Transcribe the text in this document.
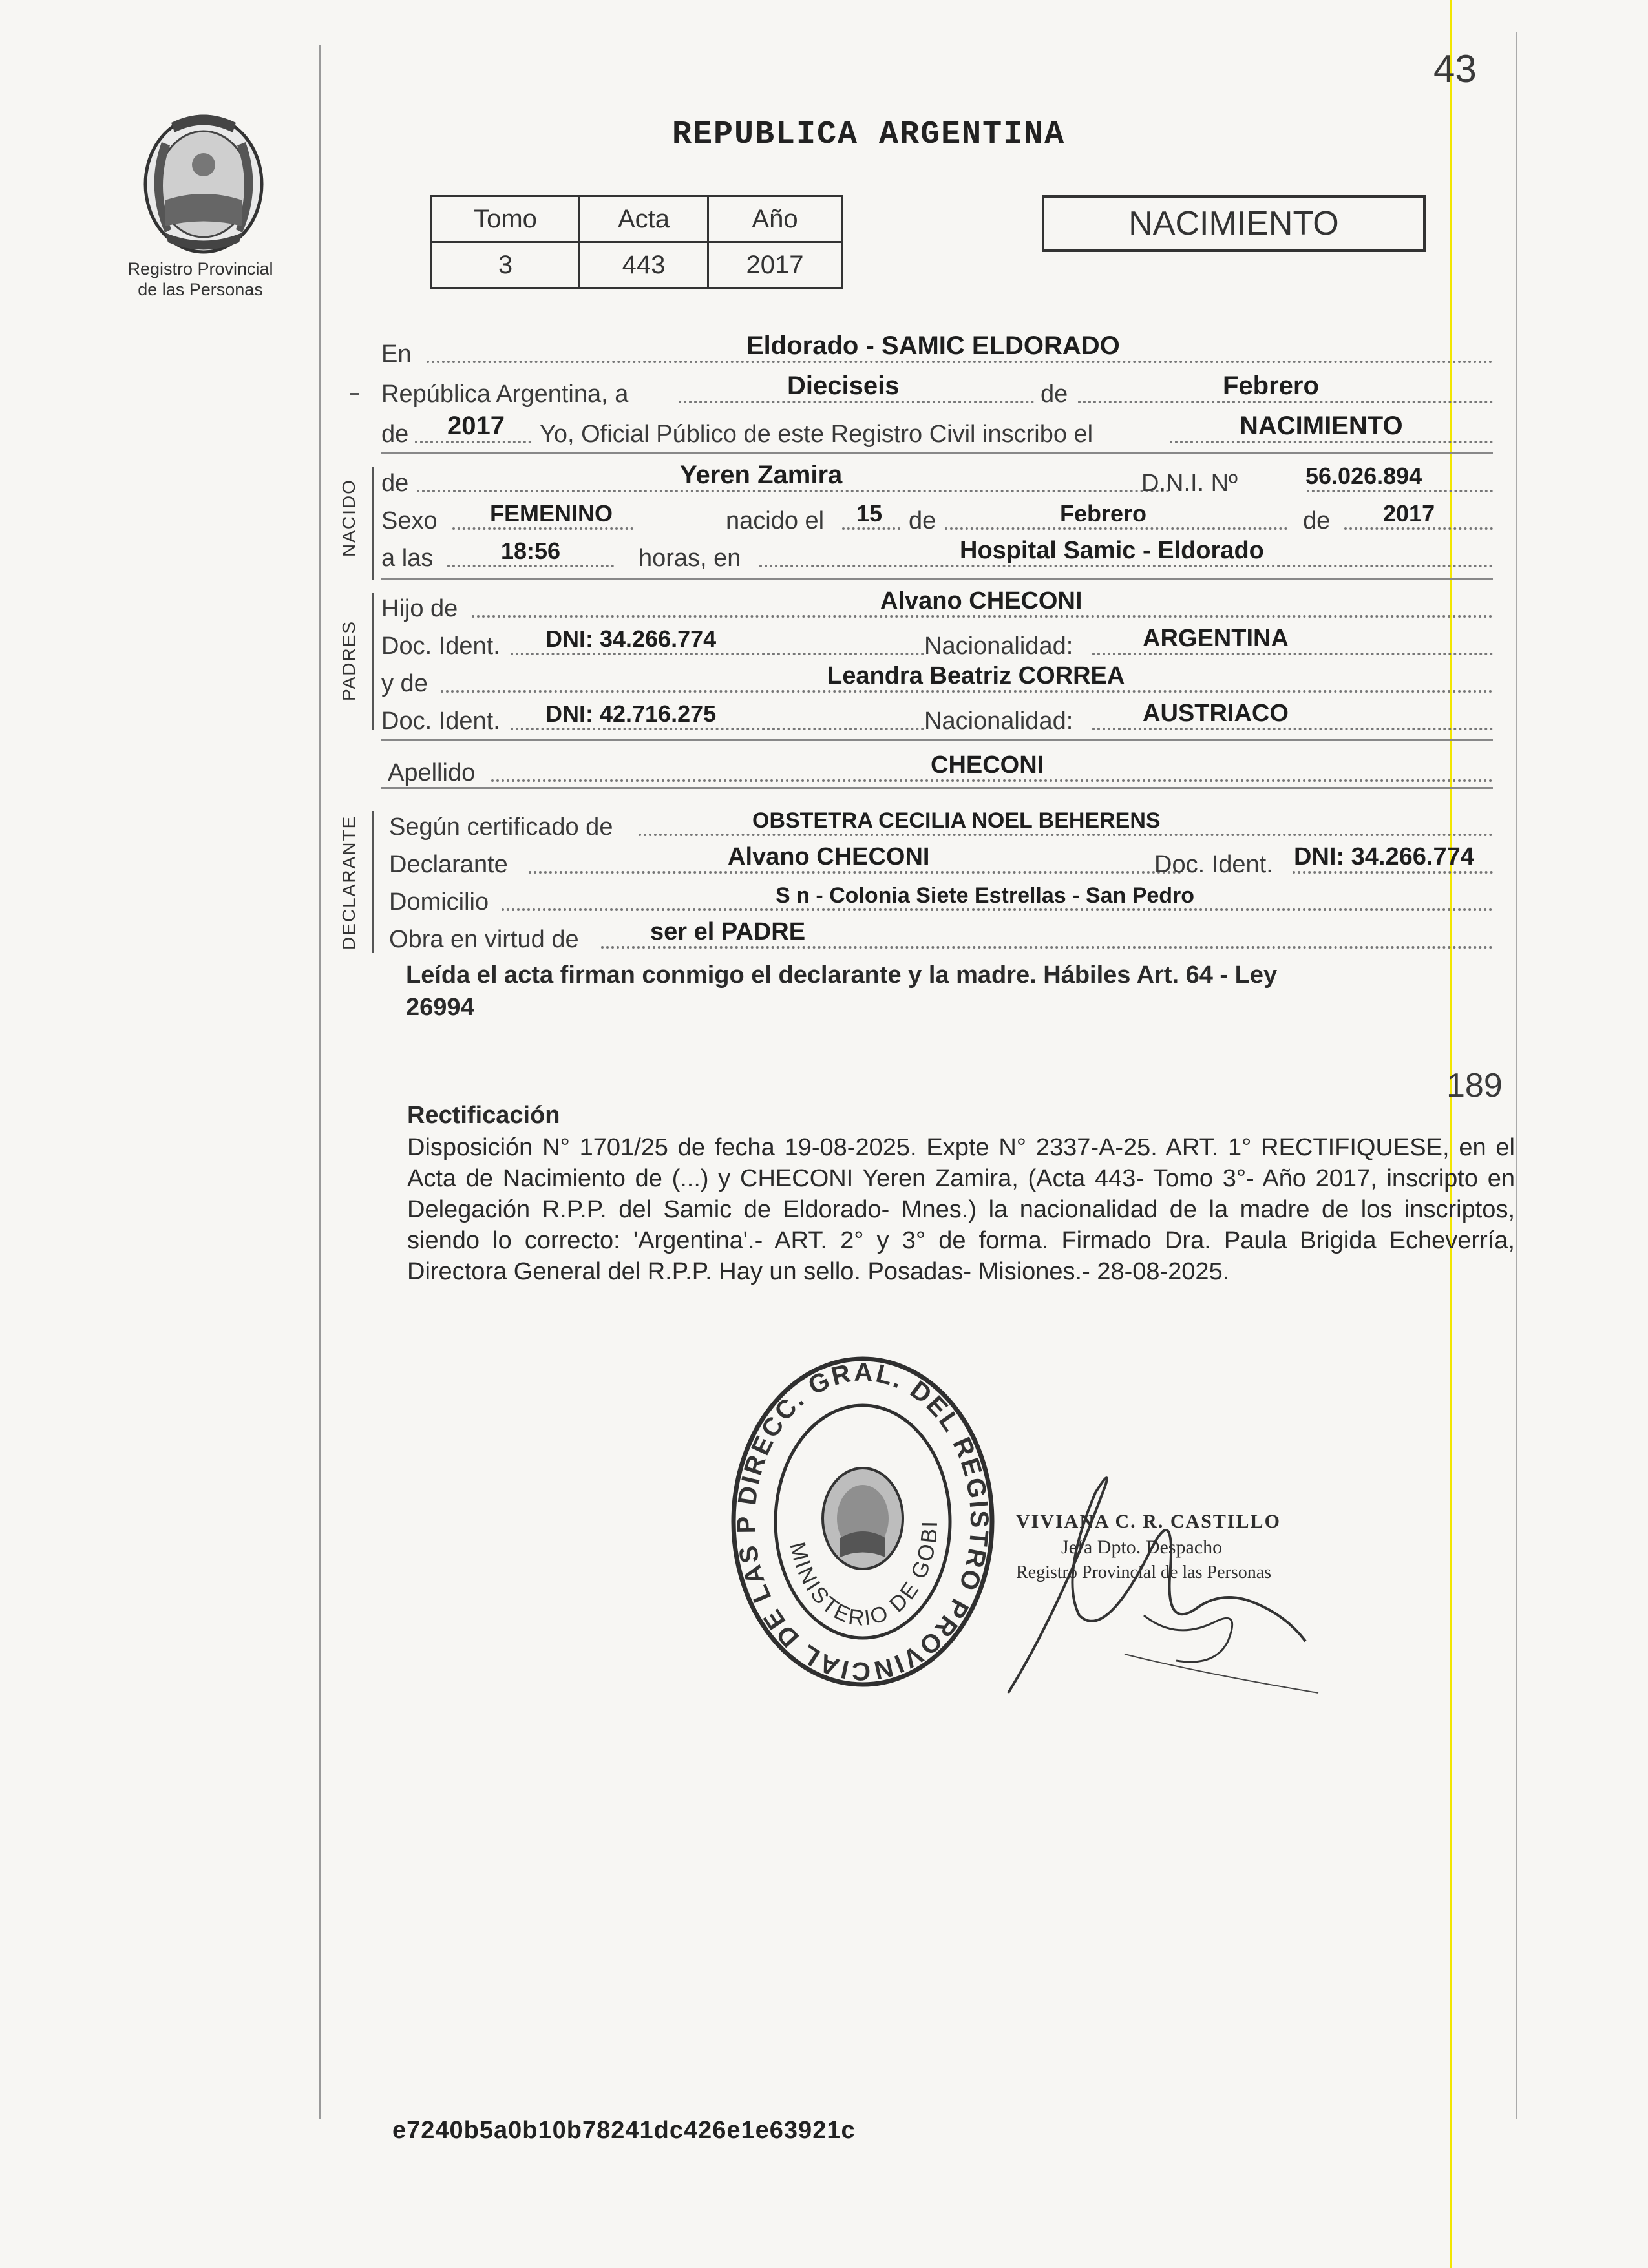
43
Registro Provincial
de las Personas
REPUBLICA ARGENTINA
Tomo	Acta	Año
3	443	2017
NACIMIENTO
En	Eldorado - SAMIC ELDORADO
República Argentina, a	Dieciseis	de	Febrero
de 2017 Yo, Oficial Público de este Registro Civil inscribo el	NACIMIENTO
NACIDO de	Yeren Zamira	D.N.I. Nº	56.026.894
Sexo FEMENINO	nacido el 15 de	Febrero	de 2017
a las	18:56	horas, en	Hospital Samic - Eldorado
PADRES
Hijo de	Alvano CHECONI
Doc. Ident. DNI: 34.266.774	Nacionalidad:	ARGENTINA
y de	Leandra Beatriz CORREA
Doc. Ident. DNI: 42.716.275	Nacionalidad:	AUSTRIACO
Apellido	CHECONI
DECLARANTE Según certificado de	OBSTETRA CECILIA NOEL BEHERENS
Declarante	Alvano CHECONI	Doc. Ident. DNI: 34.266.774
Domicilio	S n - Colonia Siete Estrellas - San Pedro
Obra en virtud de	ser el PADRE
Leída el acta firman conmigo el declarante y la madre. Hábiles Art. 64 - Ley
26994
189
Rectificación
Disposición N° 1701/25 de fecha 19-08-2025. Expte N° 2337-A-25. ART. 1° RECTIFIQUESE, en el Acta de Nacimiento de (...) y CHECONI Yeren Zamira, (Acta 443- Tomo 3°- Año 2017, inscripto en Delegación R.P.P. del Samic de Eldorado- Mnes.) la nacionalidad de la madre de los inscriptos, siendo lo correcto: 'Argentina'.- ART. 2° y 3° de forma. Firmado Dra. Paula Brigida Echeverría, Directora General del R.P.P. Hay un sello. Posadas- Misiones.- 28-08-2025.
DIRECC. GRAL. DEL REGISTRO PROVINCIAL DE LAS P
MINISTERIO DE GOBI	VIVIANA C. R. CASTILLO
Jefa Dpto. Despacho
Registro Provincial de las Personas
e7240b5a0b10b78241dc426e1e63921c
